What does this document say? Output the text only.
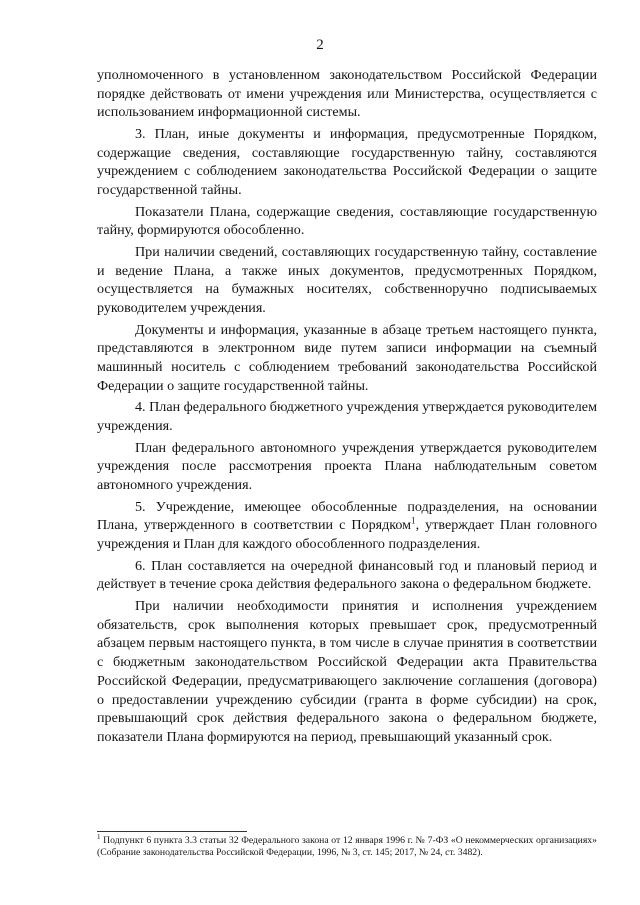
2

уполномоченного в установленном законодательством Российской Федерации порядке действовать от имени учреждения или Министерства, осуществляется с использованием информационной системы.

3. План, иные документы и информация, предусмотренные Порядком, содержащие сведения, составляющие государственную тайну, составляются учреждением с соблюдением законодательства Российской Федерации о защите государственной тайны.

Показатели Плана, содержащие сведения, составляющие государственную тайну, формируются обособленно.

При наличии сведений, составляющих государственную тайну, составление и ведение Плана, а также иных документов, предусмотренных Порядком, осуществляется на бумажных носителях, собственноручно подписываемых руководителем учреждения.

Документы и информация, указанные в абзаце третьем настоящего пункта, представляются в электронном виде путем записи информации на съемный машинный носитель с соблюдением требований законодательства Российской Федерации о защите государственной тайны.

4. План федерального бюджетного учреждения утверждается руководителем учреждения.

План федерального автономного учреждения утверждается руководителем учреждения после рассмотрения проекта Плана наблюдательным советом автономного учреждения.

5. Учреждение, имеющее обособленные подразделения, на основании Плана, утвержденного в соответствии с Порядком$^1$, утверждает План головного учреждения и План для каждого обособленного подразделения.

6. План составляется на очередной финансовый год и плановый период и действует в течение срока действия федерального закона о федеральном бюджете.

При наличии необходимости принятия и исполнения учреждением обязательств, срок выполнения которых превышает срок, предусмотренный абзацем первым настоящего пункта, в том числе в случае принятия в соответствии с бюджетным законодательством Российской Федерации акта Правительства Российской Федерации, предусматривающего заключение соглашения (договора) о предоставлении учреждению субсидии (гранта в форме субсидии) на срок, превышающий срок действия федерального закона о федеральном бюджете, показатели Плана формируются на период, превышающий указанный срок.

$^1$ Подпункт 6 пункта 3.3 статьи 32 Федерального закона от 12 января 1996 г. № 7-ФЗ «О некоммерческих организациях» (Собрание законодательства Российской Федерации, 1996, № 3, ст. 145; 2017, № 24, ст. 3482).
